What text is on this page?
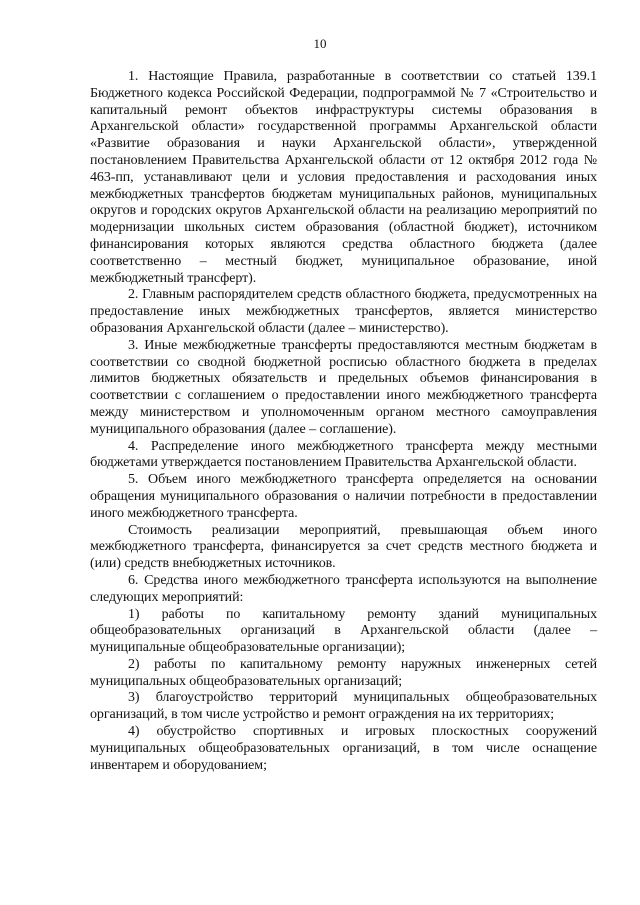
10

1. Настоящие Правила, разработанные в соответствии со статьей 139.1 Бюджетного кодекса Российской Федерации, подпрограммой № 7 «Строительство и капитальный ремонт объектов инфраструктуры системы образования в Архангельской области» государственной программы Архангельской области «Развитие образования и науки Архангельской области», утвержденной постановлением Правительства Архангельской области от 12 октября 2012 года № 463-пп, устанавливают цели и условия предоставления и расходования иных межбюджетных трансфертов бюджетам муниципальных районов, муниципальных округов и городских округов Архангельской области на реализацию мероприятий по модернизации школьных систем образования (областной бюджет), источником финансирования которых являются средства областного бюджета (далее соответственно – местный бюджет, муниципальное образование, иной межбюджетный трансферт).

2. Главным распорядителем средств областного бюджета, предусмотренных на предоставление иных межбюджетных трансфертов, является министерство образования Архангельской области (далее – министерство).

3. Иные межбюджетные трансферты предоставляются местным бюджетам в соответствии со сводной бюджетной росписью областного бюджета в пределах лимитов бюджетных обязательств и предельных объемов финансирования в соответствии с соглашением о предоставлении иного межбюджетного трансферта между министерством и уполномоченным органом местного самоуправления муниципального образования (далее – соглашение).

4. Распределение иного межбюджетного трансферта между местными бюджетами утверждается постановлением Правительства Архангельской области.

5. Объем иного межбюджетного трансферта определяется на основании обращения муниципального образования о наличии потребности в предоставлении иного межбюджетного трансферта.

Стоимость реализации мероприятий, превышающая объем иного межбюджетного трансферта, финансируется за счет средств местного бюджета и (или) средств внебюджетных источников.

6. Средства иного межбюджетного трансферта используются на выполнение следующих мероприятий:

1) работы по капитальному ремонту зданий муниципальных общеобразовательных организаций в Архангельской области (далее – муниципальные общеобразовательные организации);

2) работы по капитальному ремонту наружных инженерных сетей муниципальных общеобразовательных организаций;

3) благоустройство территорий муниципальных общеобразовательных организаций, в том числе устройство и ремонт ограждения на их территориях;

4) обустройство спортивных и игровых плоскостных сооружений муниципальных общеобразовательных организаций, в том числе оснащение инвентарем и оборудованием;
